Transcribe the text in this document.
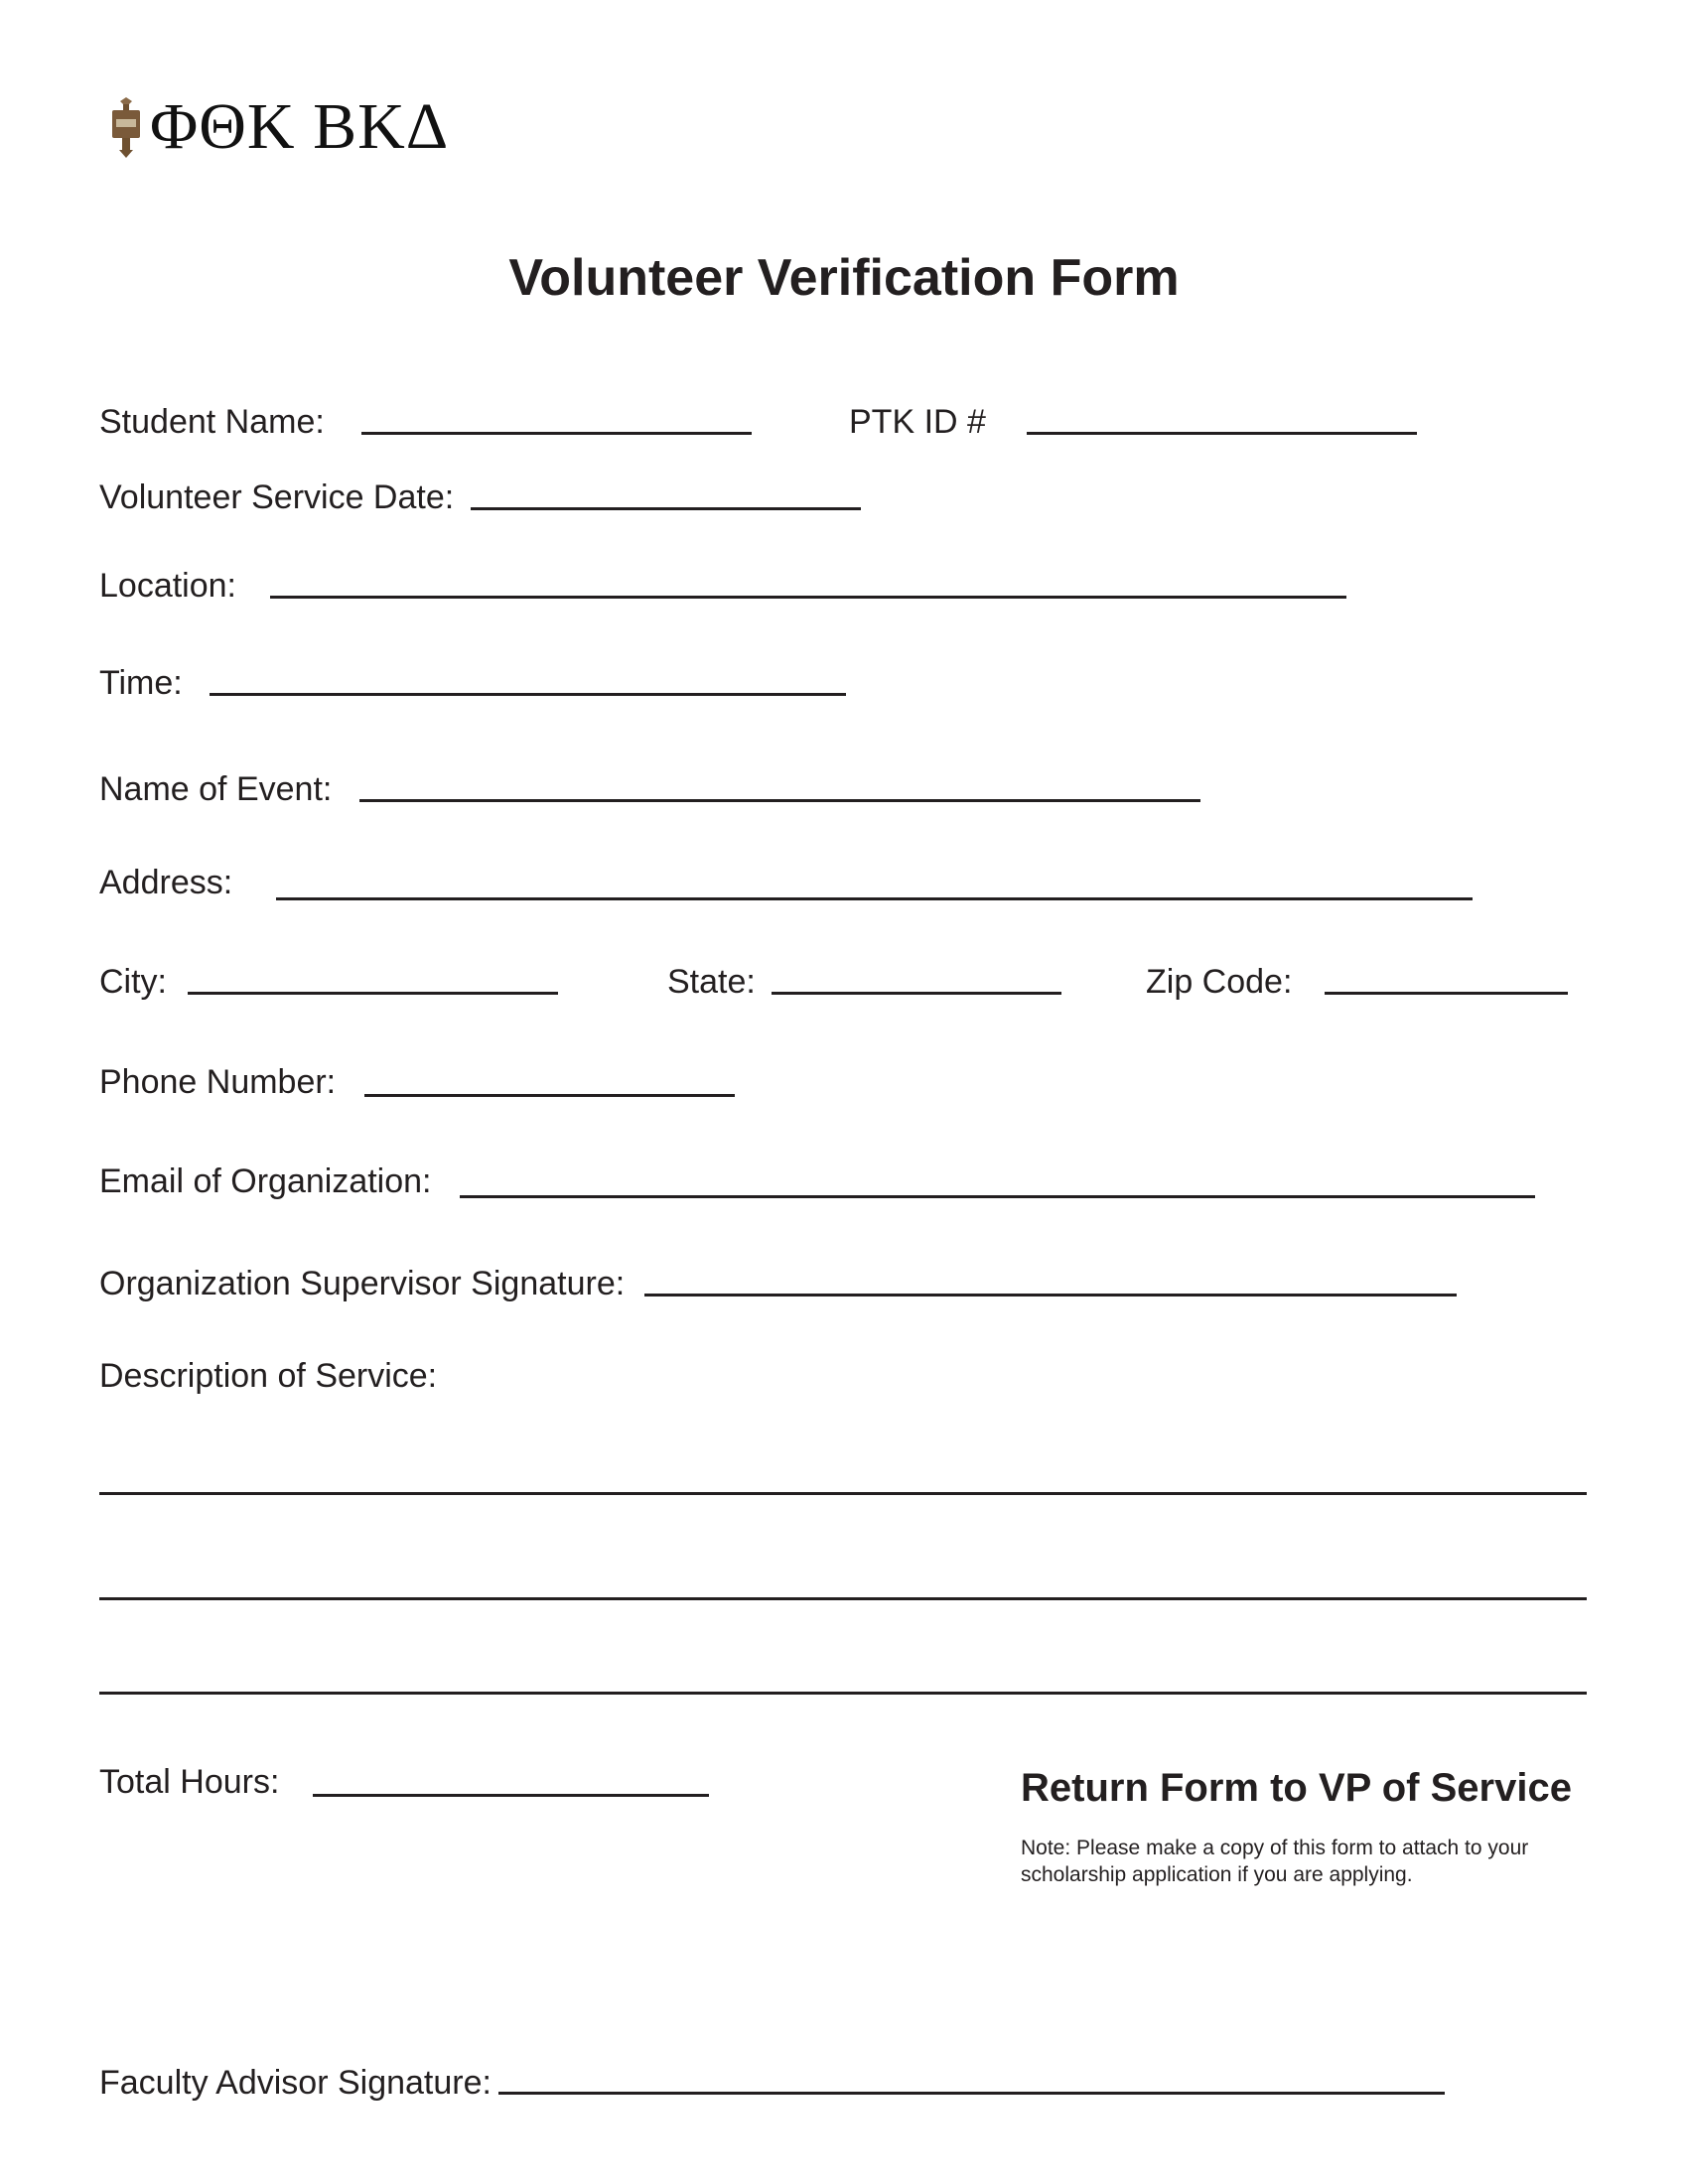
ΦΘΚ ΒΚΔ
Volunteer Verification Form
Student Name:	PTK ID #
Volunteer Service Date:
Location:
Time:
Name of Event:
Address:
City:	State:	Zip Code:
Phone Number:
Email of Organization:
Organization Supervisor Signature:
Description of Service:
Total Hours:	Return Form to VP of Service
Note: Please make a copy of this form to attach to your scholarship application if you are applying.
Faculty Advisor Signature:
